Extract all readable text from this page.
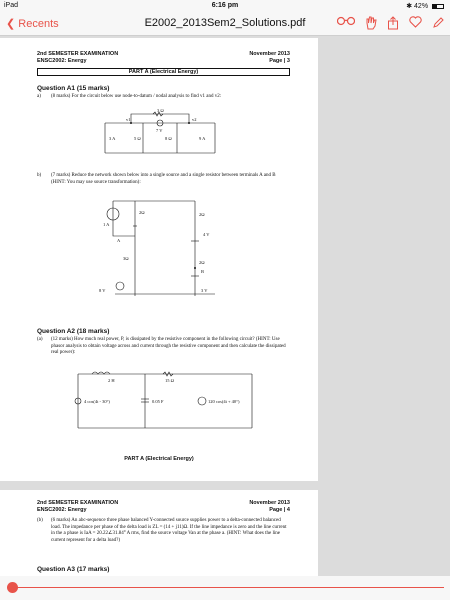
iPad	6:16 pm	✱ 42%
❮ Recents	E2002_2013Sem2_Solutions.pdf
2nd SEMESTER EXAMINATION
ENSC2002: Energy
November 2013
Page | 3
PART A (Electrical Energy)
Question A1 (15 marks)
a) (8 marks) For the circuit below use node-to-datum / nodal analysis to find v1 and v2:
3 Ω
7 V
v1	v2
3 A	5 Ω	8 Ω	9 A
b) (7 marks) Reduce the network shown below into a single source and a single resistor between terminals A and B (HINT: You may use source transformation):
1 A
2Ω	2Ω
4 V
A
3Ω
2Ω
B
8 V	3 V
Question A2 (18 marks)
(a) (12 marks) How much real power, P, is dissipated by the resistive component in the following circuit? (HINT: Use phasor analysis to obtain voltage across and current through the resistive component and then calculate the dissipated real power):
2 H	15 Ω
4 cos(4t - 30°)	0.05 F	120 cos(4t + 40°)
PART A (Electrical Energy)
2nd SEMESTER EXAMINATION
ENSC2002: Energy
November 2013
Page | 4
(b) (6 marks) An abc-sequence three phase balanced Y-connected source supplies power to a delta-connected balanced load. The impedance per phase of the delta load is ZL = (14 + j11)Ω. If the line impedance is zero and the line current in the a phase is IaA = 20.22∠31.84° A rms, find the source voltage Van at the phase a. (HINT: What does the line current represent for a delta load?)
Question A3 (17 marks)
